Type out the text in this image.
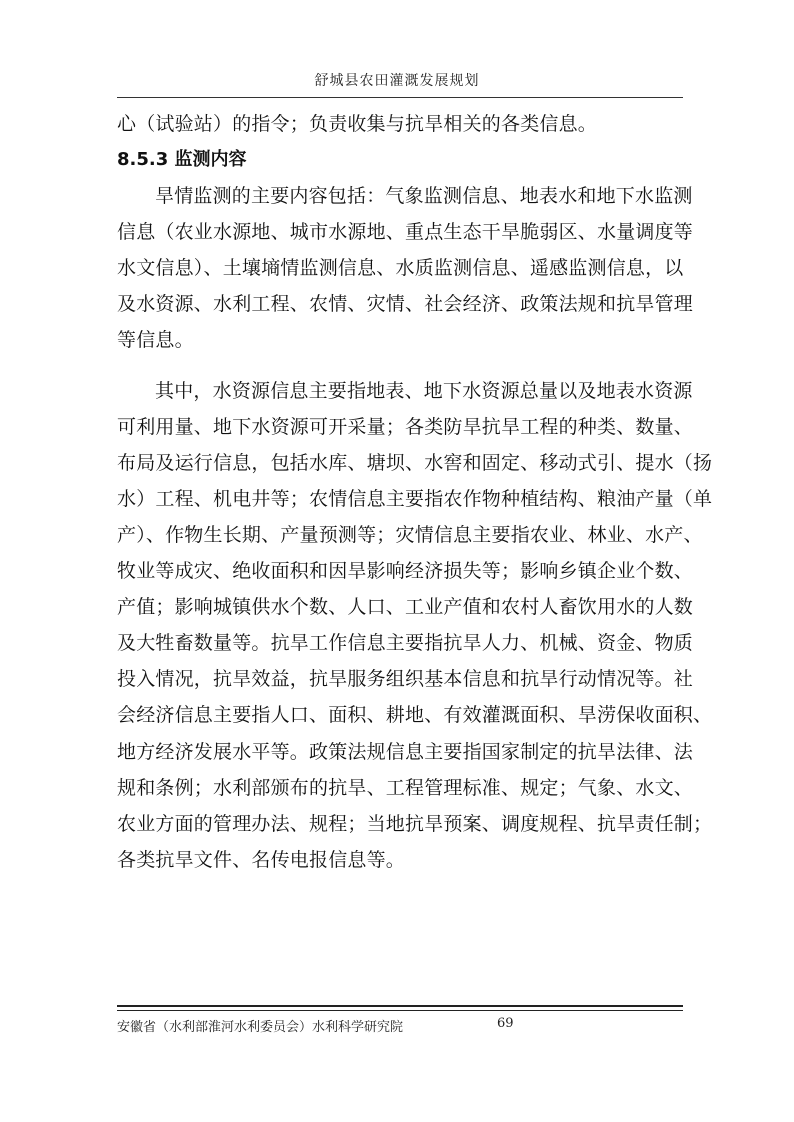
舒城县农田灌溉发展规划
心（试验站）的指令；负责收集与抗旱相关的各类信息。
8.5.3 监测内容
旱情监测的主要内容包括：气象监测信息、地表水和地下水监测
信息（农业水源地、城市水源地、重点生态干旱脆弱区、水量调度等
水文信息）、土壤墒情监测信息、水质监测信息、遥感监测信息，以
及水资源、水利工程、农情、灾情、社会经济、政策法规和抗旱管理
等信息。
其中，水资源信息主要指地表、地下水资源总量以及地表水资源
可利用量、地下水资源可开采量；各类防旱抗旱工程的种类、数量、
布局及运行信息，包括水库、塘坝、水窖和固定、移动式引、提水（扬
水）工程、机电井等；农情信息主要指农作物种植结构、粮油产量（单
产）、作物生长期、产量预测等；灾情信息主要指农业、林业、水产、
牧业等成灾、绝收面积和因旱影响经济损失等；影响乡镇企业个数、
产值；影响城镇供水个数、人口、工业产值和农村人畜饮用水的人数
及大牲畜数量等。抗旱工作信息主要指抗旱人力、机械、资金、物质
投入情况，抗旱效益，抗旱服务组织基本信息和抗旱行动情况等。社
会经济信息主要指人口、面积、耕地、有效灌溉面积、旱涝保收面积、
地方经济发展水平等。政策法规信息主要指国家制定的抗旱法律、法
规和条例；水利部颁布的抗旱、工程管理标准、规定；气象、水文、
农业方面的管理办法、规程；当地抗旱预案、调度规程、抗旱责任制；
各类抗旱文件、名传电报信息等。
安徽省（水利部淮河水利委员会）水利科学研究院	69
